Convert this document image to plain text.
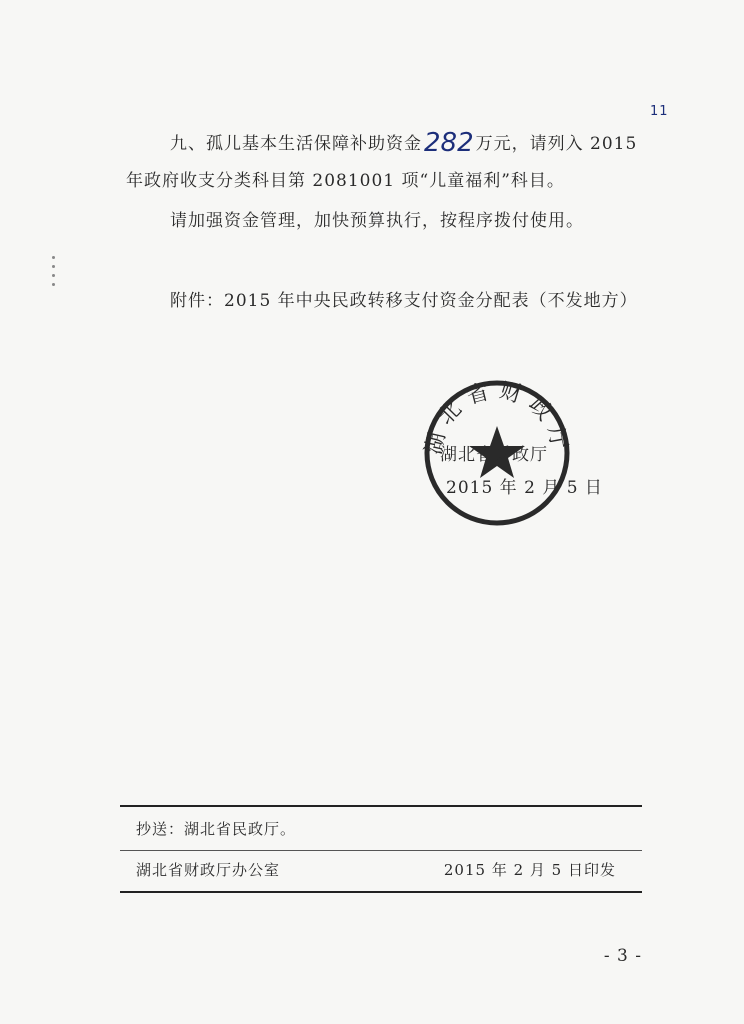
九、孤儿基本生活保障补助资金282 万元，请列入 2015
11
年政府收支分类科目第 2081001 项“儿童福利”科目。
请加强资金管理，加快预算执行，按程序拨付使用。
附件：2015 年中央民政转移支付资金分配表（不发地方）
湖北省财政厅
湖北省财政厅
2015 年 2 月 5 日
抄送：湖北省民政厅。
湖北省财政厅办公室	2015 年 2 月 5 日印发
- 3 -
